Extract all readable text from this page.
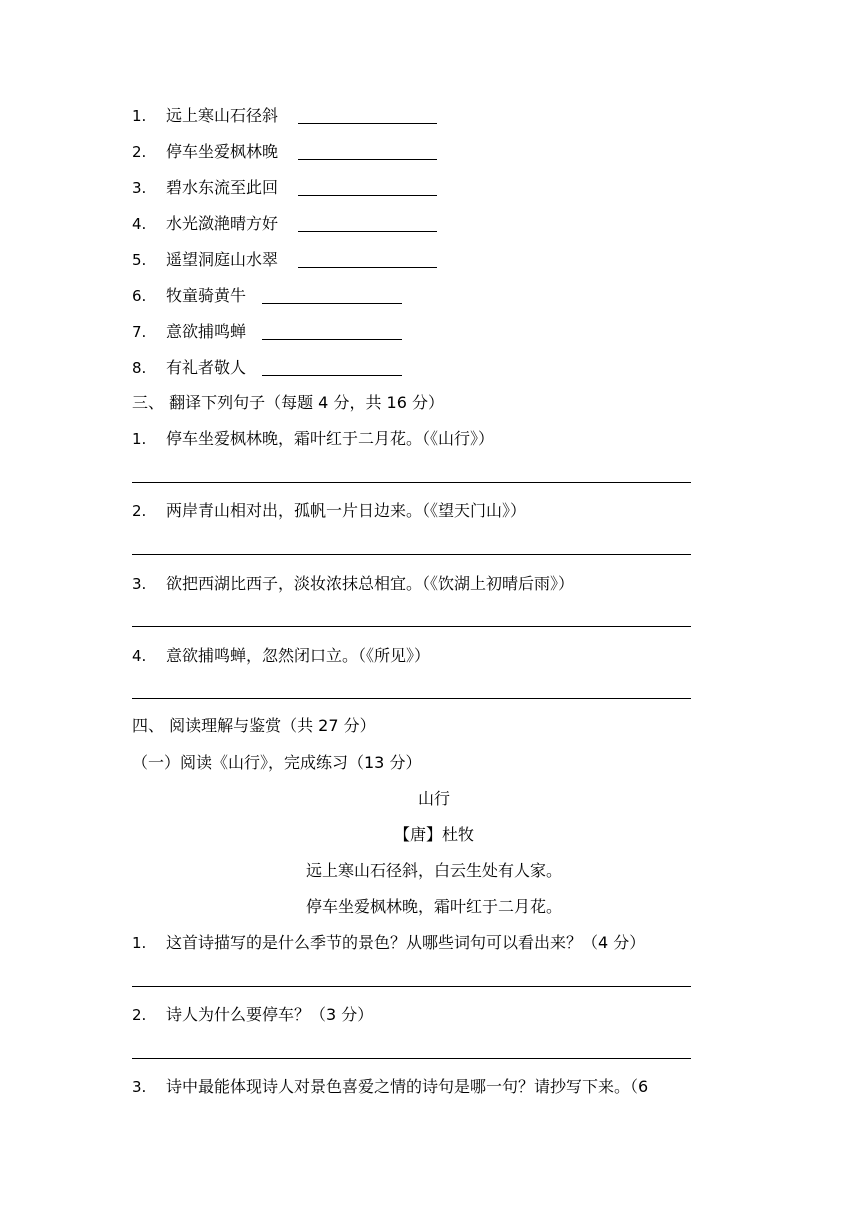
1. 远上寒山石径斜
2. 停车坐爱枫林晚
3. 碧水东流至此回
4. 水光潋滟晴方好
5. 遥望洞庭山水翠
6. 牧童骑黄牛
7. 意欲捕鸣蝉
8. 有礼者敬人
三、 翻译下列句子（每题 4 分，共 16 分）
1. 停车坐爱枫林晚，霜叶红于二月花。（《山行》）
2. 两岸青山相对出，孤帆一片日边来。（《望天门山》）
3. 欲把西湖比西子，淡妆浓抹总相宜。（《饮湖上初晴后雨》）
4. 意欲捕鸣蝉，忽然闭口立。（《所见》）
四、 阅读理解与鉴赏（共 27 分）
（一）阅读《山行》，完成练习（13 分）
山行
【唐】杜牧
远上寒山石径斜，白云生处有人家。
停车坐爱枫林晚，霜叶红于二月花。
1. 这首诗描写的是什么季节的景色？从哪些词句可以看出来？（4 分）
2. 诗人为什么要停车？（3 分）
3. 诗中最能体现诗人对景色喜爱之情的诗句是哪一句？请抄写下来。（6
